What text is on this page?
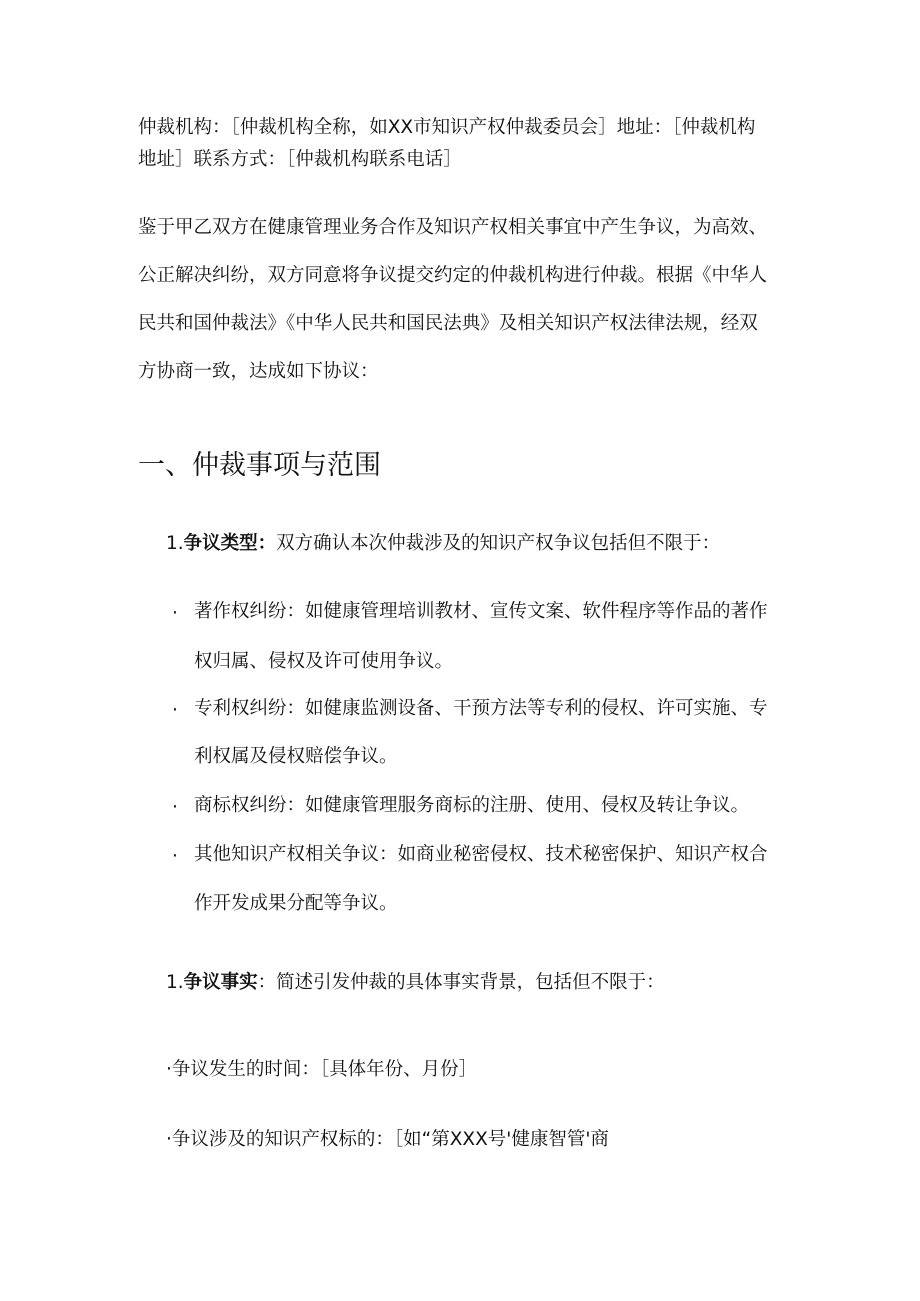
仲裁机构：［仲裁机构全称，如XX市知识产权仲裁委员会］地址：［仲裁机构
地址］联系方式：［仲裁机构联系电话］
鉴于甲乙双方在健康管理业务合作及知识产权相关事宜中产生争议，为高效、
公正解决纠纷，双方同意将争议提交约定的仲裁机构进行仲裁。根据《中华人
民共和国仲裁法》《中华人民共和国民法典》及相关知识产权法律法规，经双
方协商一致，达成如下协议：
一、仲裁事项与范围
1.争议类型：双方确认本次仲裁涉及的知识产权争议包括但不限于：
· 著作权纠纷：如健康管理培训教材、宣传文案、软件程序等作品的著作
权归属、侵权及许可使用争议。
· 专利权纠纷：如健康监测设备、干预方法等专利的侵权、许可实施、专
利权属及侵权赔偿争议。
· 商标权纠纷：如健康管理服务商标的注册、使用、侵权及转让争议。
· 其他知识产权相关争议：如商业秘密侵权、技术秘密保护、知识产权合
作开发成果分配等争议。
1.争议事实：简述引发仲裁的具体事实背景，包括但不限于：
·争议发生的时间：［具体年份、月份］
·争议涉及的知识产权标的：［如“第XXX号'健康智管'商
